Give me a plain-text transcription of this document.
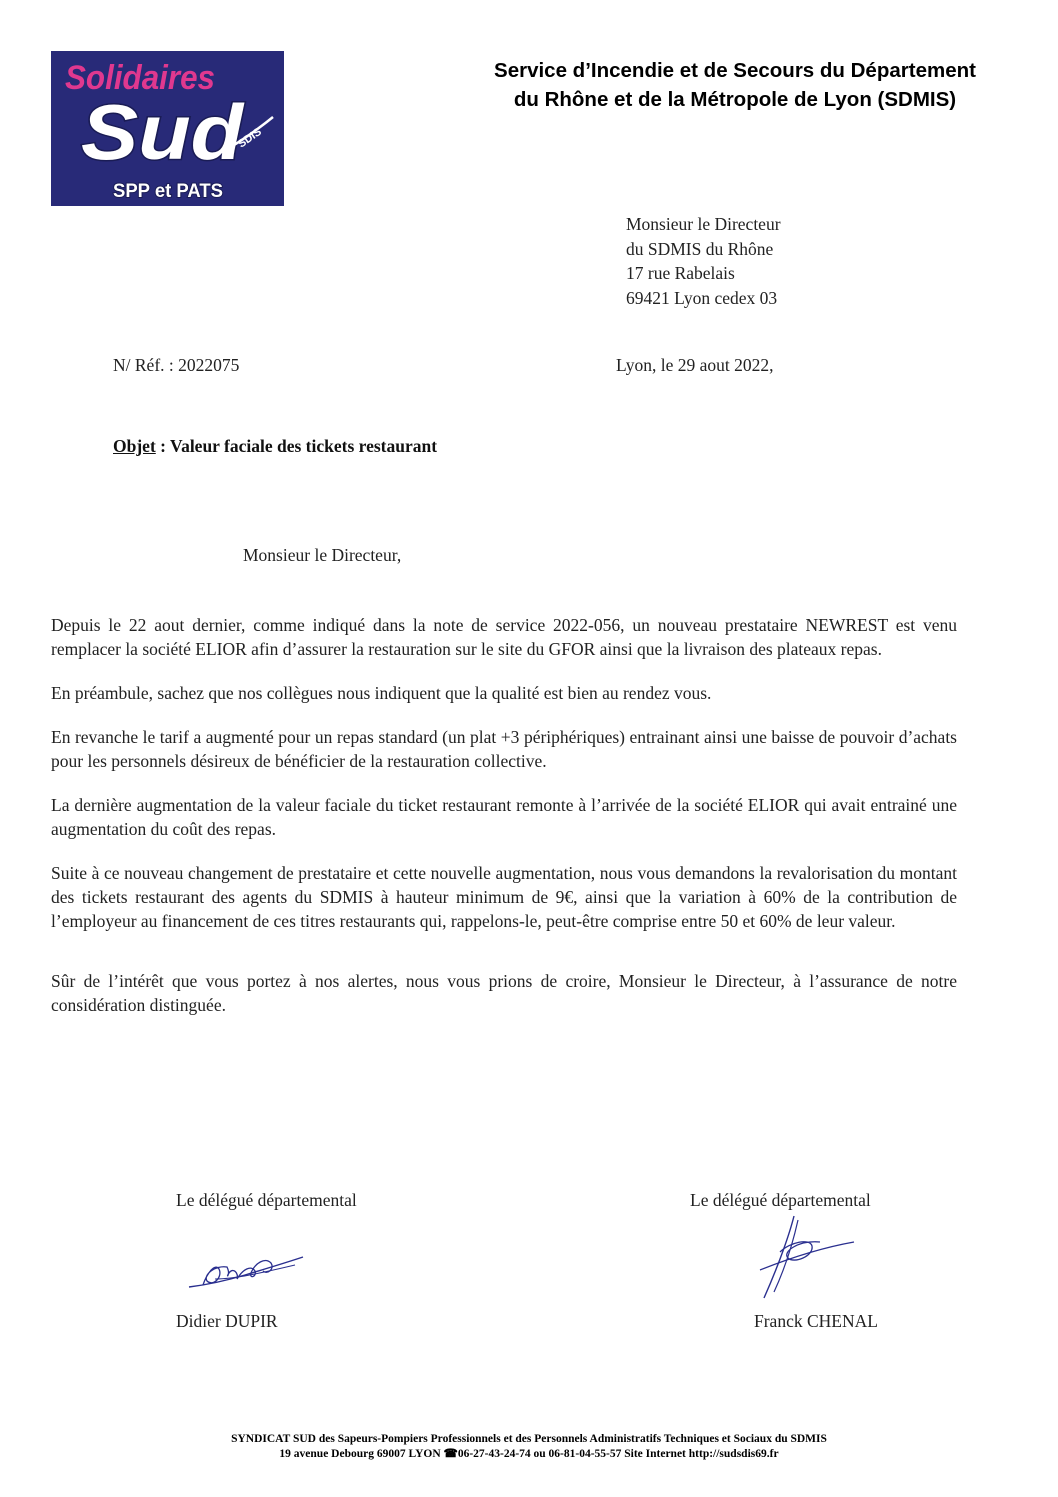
Solidaires
Sud
SDIS
SPP et PATS
Service d’Incendie et de Secours du Département
du Rhône et de la Métropole de Lyon (SDMIS)
Monsieur le Directeur
du SDMIS du Rhône
17 rue Rabelais
69421 Lyon cedex 03
N/ Réf. : 2022075	Lyon, le 29 aout 2022,
Objet : Valeur faciale des tickets restaurant
Monsieur le Directeur,

Depuis le 22 aout dernier, comme indiqué dans la note de service 2022-056, un nouveau prestataire NEWREST est venu remplacer la société ELIOR afin d’assurer la restauration sur le site du GFOR ainsi que la livraison des plateaux repas.

En préambule, sachez que nos collègues nous indiquent que la qualité est bien au rendez vous.

En revanche le tarif a augmenté pour un repas standard (un plat +3 périphériques) entrainant ainsi une baisse de pouvoir d’achats pour les personnels désireux de bénéficier de la restauration collective.

La dernière augmentation de la valeur faciale du ticket restaurant remonte à l’arrivée de la société ELIOR qui avait entrainé une augmentation du coût des repas.

Suite à ce nouveau changement de prestataire et cette nouvelle augmentation, nous vous demandons la revalorisation du montant des tickets restaurant des agents du SDMIS à hauteur minimum de 9€, ainsi que la variation à 60% de la contribution de l’employeur au financement de ces titres restaurants qui, rappelons-le, peut-être comprise entre 50 et 60% de leur valeur.

Sûr de l’intérêt que vous portez à nos alertes, nous vous prions de croire, Monsieur le Directeur, à l’assurance de notre considération distinguée.

Le délégué départemental
Didier DUPIR
Le délégué départemental
Franck CHENAL
SYNDICAT SUD des Sapeurs-Pompiers Professionnels et des Personnels Administratifs Techniques et Sociaux du SDMIS
19 avenue Debourg 69007 LYON ☎06-27-43-24-74 ou 06-81-04-55-57 Site Internet http://sudsdis69.fr
